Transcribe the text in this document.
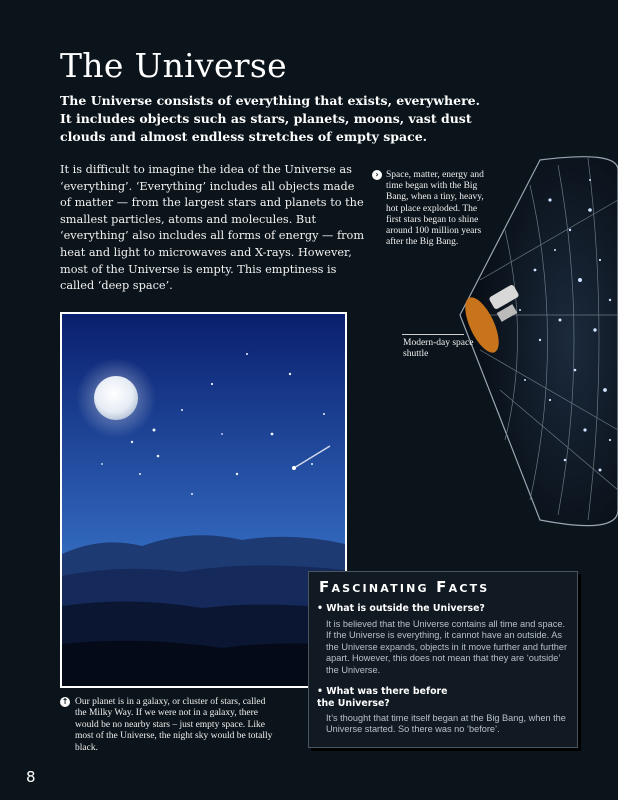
The Universe

The Universe consists of everything that exists, everywhere. It includes objects such as stars, planets, moons, vast dust clouds and almost endless stretches of empty space.

It is difficult to imagine the idea of the Universe as ‘everything’. ‘Everything’ includes all objects made of matter — from the largest stars and planets to the smallest particles, atoms and molecules. But ‘everything’ also includes all forms of energy — from heat and light to microwaves and X-rays. However, most of the Universe is empty. This emptiness is called ‘deep space’.

› Space, matter, energy and time began with the Big Bang, when a tiny, heavy, hot place exploded. The first stars began to shine around 100 million years after the Big Bang.
Modern-day space shuttle
↑ Our planet is in a galaxy, or cluster of stars, called the Milky Way. If we were not in a galaxy, there would be no nearby stars – just empty space. Like most of the Universe, the night sky would be totally black.
Fascinating Facts
• What is outside the Universe?
It is believed that the Universe contains all time and space. If the Universe is everything, it cannot have an outside. As the Universe expands, objects in it move further and further apart. However, this does not mean that they are ‘outside’ the Universe.
• What was there before the Universe?
It’s thought that time itself began at the Big Bang, when the Universe started. So there was no ‘before’.
8
